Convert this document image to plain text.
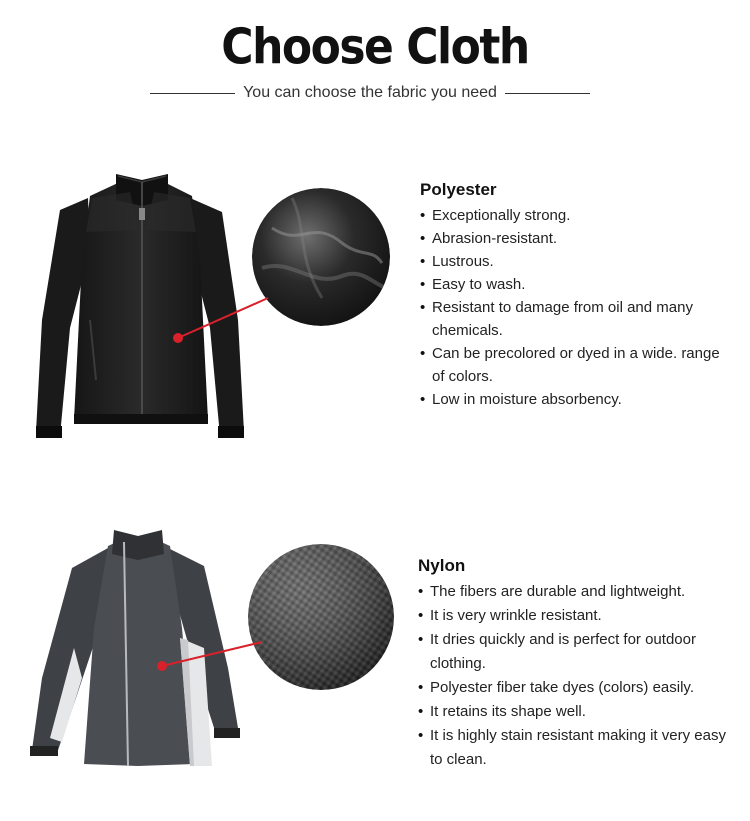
Choose Cloth
You can choose the fabric you need
Polyester
• Exceptionally strong.
• Abrasion-resistant.
• Lustrous.
• Easy to wash.
• Resistant to damage from oil and many chemicals.
• Can be precolored or dyed in a wide. range of colors.
• Low in moisture absorbency.
Nylon
• The fibers are durable and lightweight.
• It is very wrinkle resistant.
• It dries quickly and is perfect for outdoor clothing.
• Polyester fiber take dyes (colors) easily.
• It retains its shape well.
• It is highly stain resistant making it very easy to clean.
